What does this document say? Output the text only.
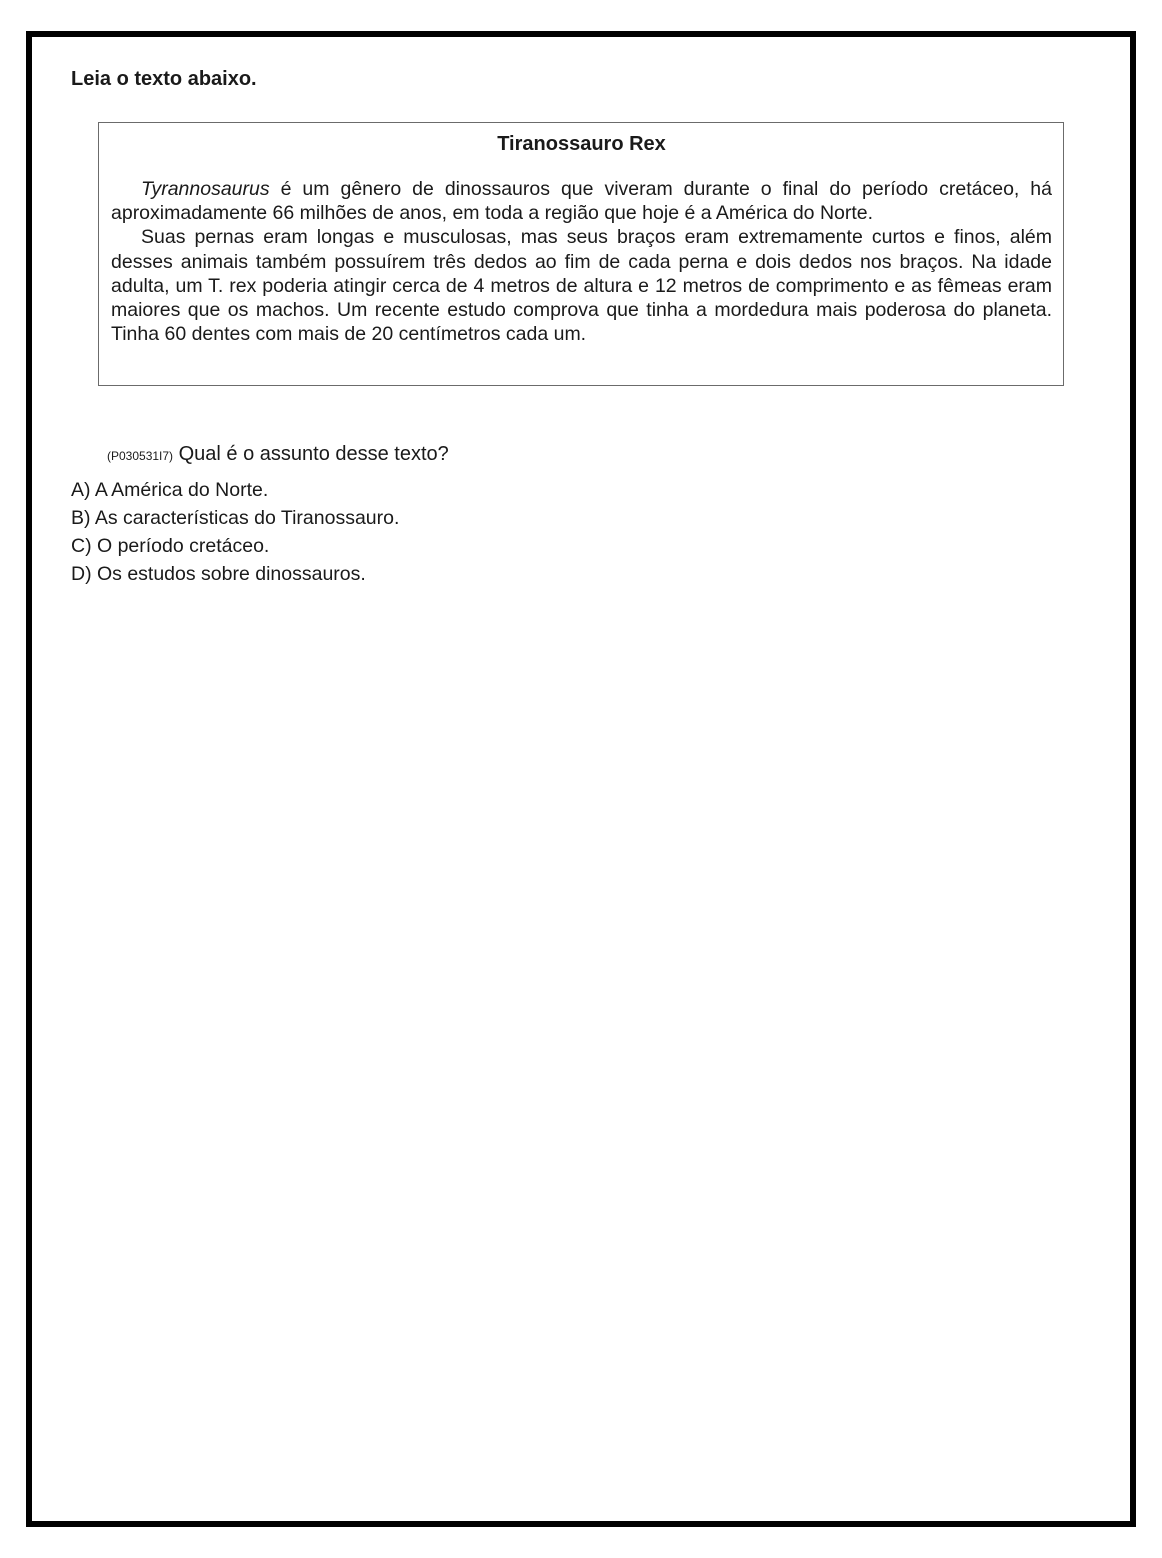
Leia o texto abaixo.

Tiranossauro Rex

Tyrannosaurus é um gênero de dinossauros que viveram durante o final do período cretáceo, há aproximadamente 66 milhões de anos, em toda a região que hoje é a América do Norte.

Suas pernas eram longas e musculosas, mas seus braços eram extremamente curtos e finos, além desses animais também possuírem três dedos ao fim de cada perna e dois dedos nos braços. Na idade adulta, um T. rex poderia atingir cerca de 4 metros de altura e 12 metros de comprimento e as fêmeas eram maiores que os machos. Um recente estudo comprova que tinha a mordedura mais poderosa do planeta. Tinha 60 dentes com mais de 20 centímetros cada um.

(P030531I7) Qual é o assunto desse texto?

A) A América do Norte.
B) As características do Tiranossauro.
C) O período cretáceo.
D) Os estudos sobre dinossauros.
